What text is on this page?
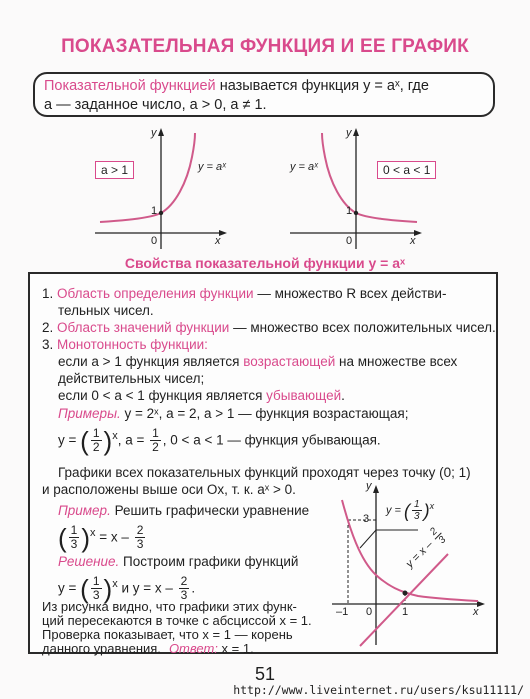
ПОКАЗАТЕЛЬНАЯ ФУНКЦИЯ И ЕЕ ГРАФИК
Показательной функцией называется функция y = aˣ, где
a — заданное число, a > 0, a ≠ 1.
a > 1	y = aˣ
y
x
1
0
0 < a < 1
y = aˣ
y
x
1
0
Свойства показательной функции y = aˣ
1. Область определения функции — множество R всех действи-
тельных чисел.
2. Область значений функции — множество всех положительных чисел.
3. Монотонность функции:
если a > 1 функция является возрастающей на множестве всех
действительных чисел;
если 0 < a < 1 функция является убывающей.
Примеры. y = 2ˣ, a = 2, a > 1 — функция возрастающая;
y = ( $\frac{1}{2} )^x$, $a = \frac{1}{2}$ , 0 < a < 1 — функция убывающая.
Графики всех показательных функций проходят через точку (0; 1)
и расположены выше оси Ox, т. к. aˣ > 0.
Пример. Решить графически уравнение
( $\frac{1}{3} )^x = x - \frac{2}{3}$
Решение. Построим графики функций
y = ( $\frac{1}{3} )^x$ и $y = x - \frac{2}{3}$ .
Из рисунка видно, что графики этих функ-
ций пересекаются в точке с абсциссой x = 1.
Проверка показывает, что x = 1 — корень
y
x
3
–1 0	1
y = ( $\frac{1}{3} )^x$
y = x –
2
3
данного уравнения. Ответ: x = 1.
51
http://www.liveinternet.ru/users/ksu11111/
